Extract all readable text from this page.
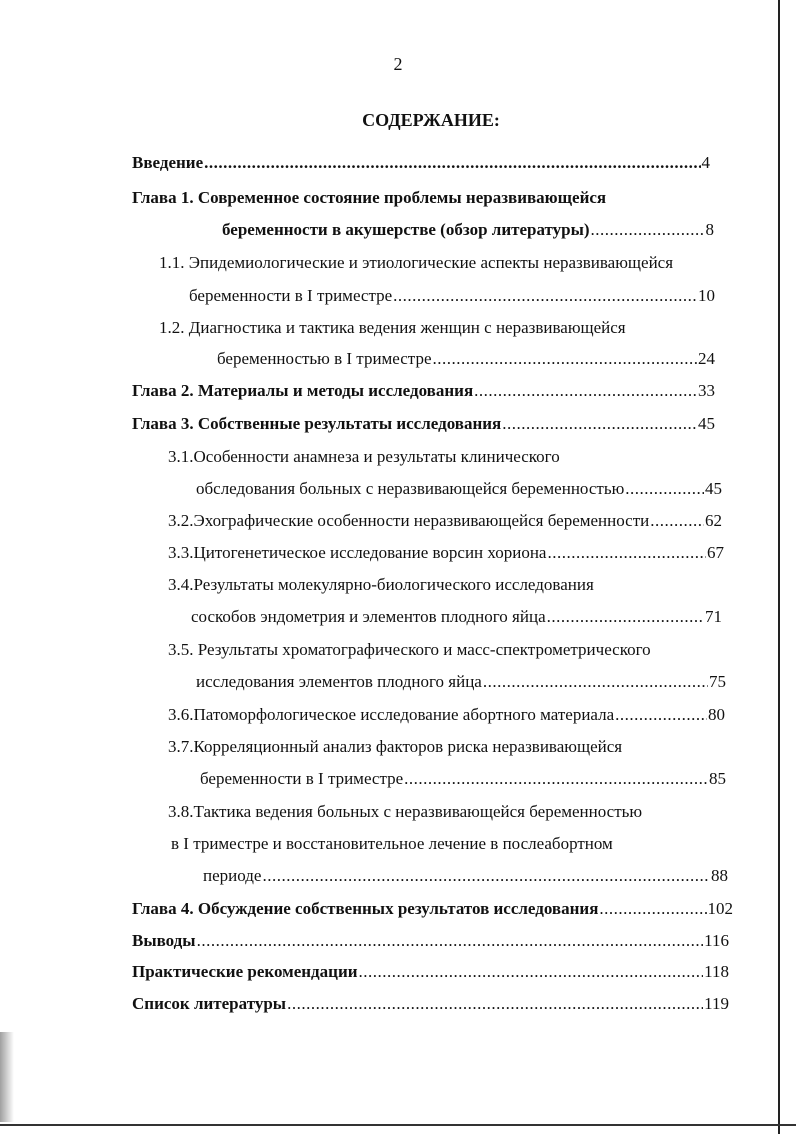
2
СОДЕРЖАНИЕ:
Введение .....	4
Глава 1. Современное состояние проблемы неразвивающейся
беременности в акушерстве (обзор литературы) .....	8
1.1. Эпидемиологические и этиологические аспекты неразвивающейся
беременности в I триместре .....	10
1.2. Диагностика и тактика ведения женщин с неразвивающейся
беременностью в I триместре .....	24
Глава 2. Материалы и методы исследования .....	33
Глава 3. Собственные результаты исследования .....	45
3.1.Особенности анамнеза и результаты клинического
обследования больных с неразвивающейся беременностью .....	45
3.2.Эхографические особенности неразвивающейся беременности .....	62
3.3.Цитогенетическое исследование ворсин хориона .....	67
3.4.Результаты молекулярно-биологического исследования
соскобов эндометрия и элементов плодного яйца .....	71
3.5. Результаты хроматографического и масс-спектрометрического
исследования элементов плодного яйца .....	75
3.6.Патоморфологическое исследование абортного материала .....	80
3.7.Корреляционный анализ факторов риска неразвивающейся
беременности в I триместре .....	85
3.8.Тактика ведения больных с неразвивающейся беременностью
в I триместре и восстановительное лечение в послеабортном
периоде .....	88
Глава 4. Обсуждение собственных результатов исследования .....	102
Выводы .....	116
Практические рекомендации .....	118
Список литературы .....	119
